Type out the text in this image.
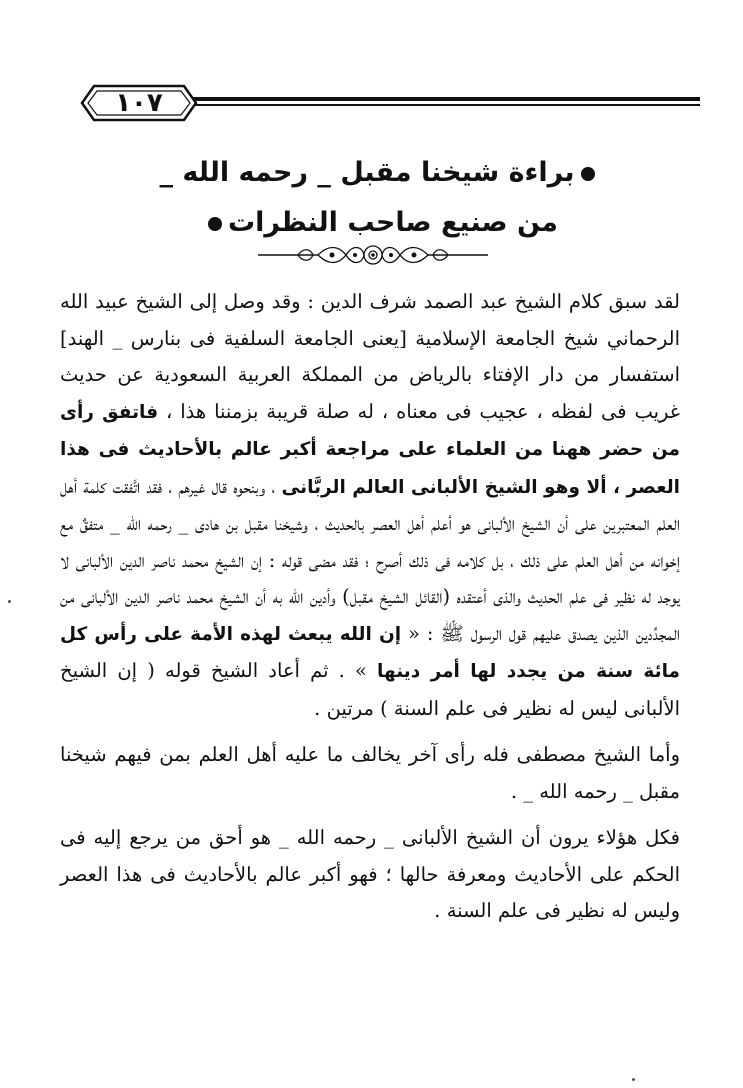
١٠٧
براءة شيخنا مقبل _ رحمه الله _
من صنيع صاحب النظرات

لقد سبق كلام الشيخ عبد الصمد شرف الدين : وقد وصل إلى الشيخ عبيد الله الرحماني شيخ الجامعة الإسلامية [يعنى الجامعة السلفية فى بنارس _ الهند] استفسار من دار الإفتاء بالرياض من المملكة العربية السعودية عن حديث غريب فى لفظه ، عجيب فى معناه ، له صلة قريبة بزمننا هذا ، فاتفق رأى من حضر ههنا من العلماء على مراجعة أكبر عالم بالأحاديث فى هذا العصر ، ألا وهو الشيخ الألبانى العالم الربَّانى ، وبنحوه قال غيرهم ، فقد اتَّفقت كلمة أهل العلم المعتبرين على أن الشيخ الألبانى هو أعلم أهل العصر بالحديث ، وشيخنا مقبل بن هادى _ رحمه الله _ متفقٌ مع إخوانه من أهل العلم على ذلك ، بل كلامه فى ذلك أصرح ؛ فقد مضى قوله : إن الشيخ محمد ناصر الدين الألبانى لا يوجد له نظير فى علم الحديث والذى أعتقده (القائل الشيخ مقبل) وأدين الله به أن الشيخ محمد ناصر الدين الألبانى من المجدِّدين الذين يصدق عليهم قول الرسول ﷺ : « إن الله يبعث لهذه الأمة على رأس كل مائة سنة من يجدد لها أمر دينها » . ثم أعاد الشيخ قوله ( إن الشيخ الألبانى ليس له نظير فى علم السنة ) مرتين .

وأما الشيخ مصطفى فله رأى آخر يخالف ما عليه أهل العلم بمن فيهم شيخنا مقبل _ رحمه الله _ .

فكل هؤلاء يرون أن الشيخ الألبانى _ رحمه الله _ هو أحق من يرجع إليه فى الحكم على الأحاديث ومعرفة حالها ؛ فهو أكبر عالم بالأحاديث فى هذا العصر وليس له نظير فى علم السنة .
